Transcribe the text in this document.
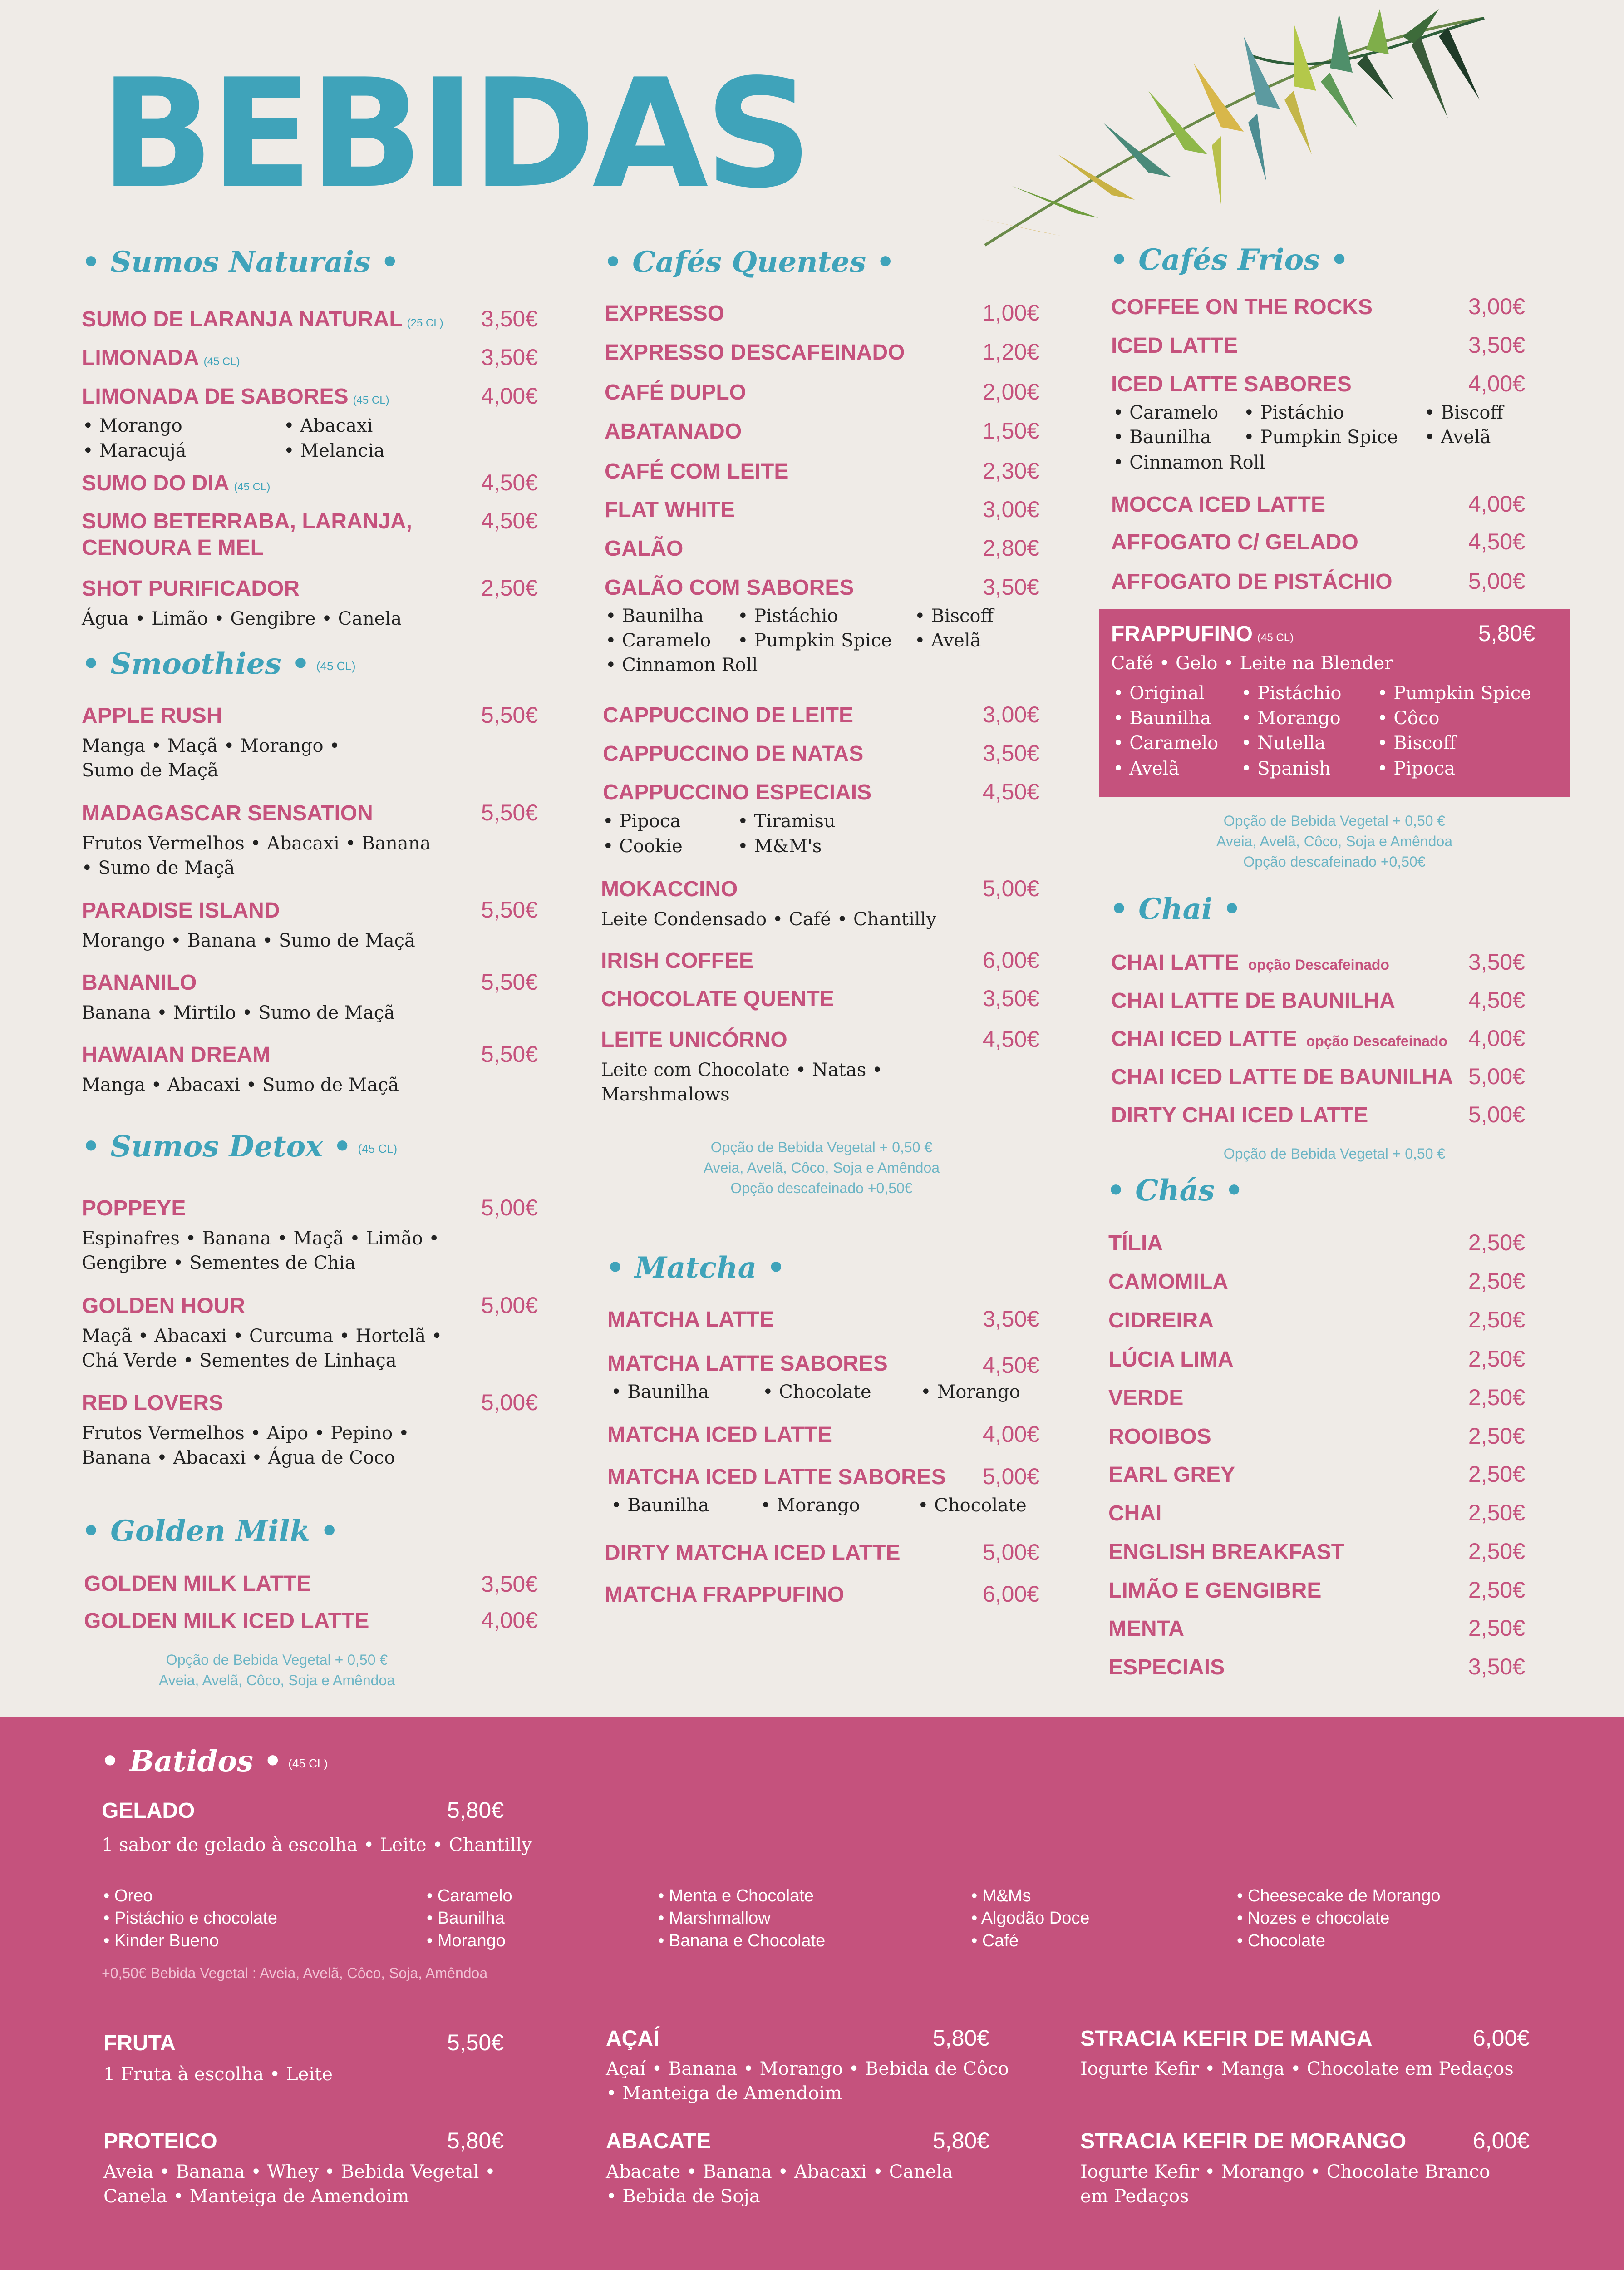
BEBIDAS
• Sumos Naturais •
SUMO DE LARANJA NATURAL (25 CL)	3,50€
LIMONADA (45 CL)	3,50€
LIMONADA DE SABORES (45 CL)	4,00€
• Morango	• Abacaxi
• Maracujá	• Melancia
SUMO DO DIA (45 CL)	4,50€
SUMO BETERRABA, LARANJA,
CENOURA E MEL
4,50€
SHOT PURIFICADOR	2,50€
Água • Limão • Gengibre • Canela
• Smoothies • (45 CL)
APPLE RUSH	5,50€
Manga • Maçã • Morango •
Sumo de Maçã
MADAGASCAR SENSATION	5,50€
Frutos Vermelhos • Abacaxi • Banana
• Sumo de Maçã
PARADISE ISLAND	5,50€
Morango • Banana • Sumo de Maçã
BANANILO	5,50€
Banana • Mirtilo • Sumo de Maçã
HAWAIAN DREAM	5,50€
Manga • Abacaxi • Sumo de Maçã
• Sumos Detox • (45 CL)
POPPEYE	5,00€
Espinafres • Banana • Maçã • Limão •
Gengibre • Sementes de Chia
GOLDEN HOUR	5,00€
Maçã • Abacaxi • Curcuma • Hortelã •
Chá Verde • Sementes de Linhaça
RED LOVERS	5,00€
Frutos Vermelhos • Aipo • Pepino •
Banana • Abacaxi • Água de Coco
• Golden Milk •
GOLDEN MILK LATTE	3,50€
GOLDEN MILK ICED LATTE	4,00€
Opção de Bebida Vegetal + 0,50 €
Aveia, Avelã, Côco, Soja e Amêndoa
• Cafés Quentes •
EXPRESSO	1,00€
EXPRESSO DESCAFEINADO	1,20€
CAFÉ DUPLO	2,00€
ABATANADO	1,50€
CAFÉ COM LEITE	2,30€
FLAT WHITE	3,00€
GALÃO	2,80€
GALÃO COM SABORES	3,50€
• Baunilha • Pistáchio	• Biscoff
• Caramelo • Pumpkin Spice • Avelã
• Cinnamon Roll
CAPPUCCINO DE LEITE	3,00€
CAPPUCCINO DE NATAS	3,50€
CAPPUCCINO ESPECIAIS	4,50€
• Pipoca	• Tiramisu
• Cookie	• M&M's
MOKACCINO	5,00€
Leite Condensado • Café • Chantilly
IRISH COFFEE	6,00€
CHOCOLATE QUENTE	3,50€
LEITE UNICÓRNO	4,50€
Leite com Chocolate • Natas •
Marshmalows
Opção de Bebida Vegetal + 0,50 €
Aveia, Avelã, Côco, Soja e Amêndoa
Opção descafeinado +0,50€
• Matcha •
MATCHA LATTE	3,50€
MATCHA LATTE SABORES	4,50€
• Baunilha	• Chocolate	• Morango
MATCHA ICED LATTE	4,00€
MATCHA ICED LATTE SABORES	5,00€
• Baunilha	• Morango	• Chocolate
DIRTY MATCHA ICED LATTE	5,00€
MATCHA FRAPPUFINO	6,00€
• Cafés Frios •
COFFEE ON THE ROCKS	3,00€
ICED LATTE	3,50€
ICED LATTE SABORES	4,00€
• Caramelo • Pistáchio	• Biscoff
• Baunilha • Pumpkin Spice • Avelã
• Cinnamon Roll
MOCCA ICED LATTE	4,00€
AFFOGATO C/ GELADO	4,50€
AFFOGATO DE PISTÁCHIO	5,00€
FRAPPUFINO (45 CL)	5,80€
Café • Gelo • Leite na Blender
• Original • Pistáchio • Pumpkin Spice
• Baunilha • Morango • Côco
• Caramelo • Nutella	• Biscoff
• Avelã	• Spanish	• Pipoca
Opção de Bebida Vegetal + 0,50 €
Aveia, Avelã, Côco, Soja e Amêndoa
Opção descafeinado +0,50€
• Chai •
CHAI LATTE opção Descafeinado	3,50€
CHAI LATTE DE BAUNILHA	4,50€
CHAI ICED LATTE opção Descafeinado 4,00€
CHAI ICED LATTE DE BAUNILHA 5,00€
DIRTY CHAI ICED LATTE	5,00€
Opção de Bebida Vegetal + 0,50 €
• Chás •
TÍLIA	2,50€
CAMOMILA	2,50€
CIDREIRA	2,50€
LÚCIA LIMA	2,50€
VERDE	2,50€
ROOIBOS	2,50€
EARL GREY	2,50€
CHAI	2,50€
ENGLISH BREAKFAST	2,50€
LIMÃO E GENGIBRE	2,50€
MENTA	2,50€
ESPECIAIS	3,50€
• Batidos • (45 CL)
GELADO	5,80€
1 sabor de gelado à escolha • Leite • Chantilly
• Oreo
• Pistáchio e chocolate
• Kinder Bueno
• Caramelo
• Baunilha
• Morango
• Menta e Chocolate
• Marshmallow
• Banana e Chocolate
• M&Ms
• Algodão Doce
• Café
• Cheesecake de Morango
• Nozes e chocolate
• Chocolate
+0,50€ Bebida Vegetal : Aveia, Avelã, Côco, Soja, Amêndoa
FRUTA	5,50€
1 Fruta à escolha • Leite
PROTEICO	5,80€
Aveia • Banana • Whey • Bebida Vegetal •
Canela • Manteiga de Amendoim
AÇAÍ	5,80€
Açaí • Banana • Morango • Bebida de Côco
• Manteiga de Amendoim
ABACATE	5,80€
Abacate • Banana • Abacaxi • Canela
• Bebida de Soja
STRACIA KEFIR DE MANGA	6,00€
Iogurte Kefir • Manga • Chocolate em Pedaços
STRACIA KEFIR DE MORANGO	6,00€
Iogurte Kefir • Morango • Chocolate Branco
em Pedaços
